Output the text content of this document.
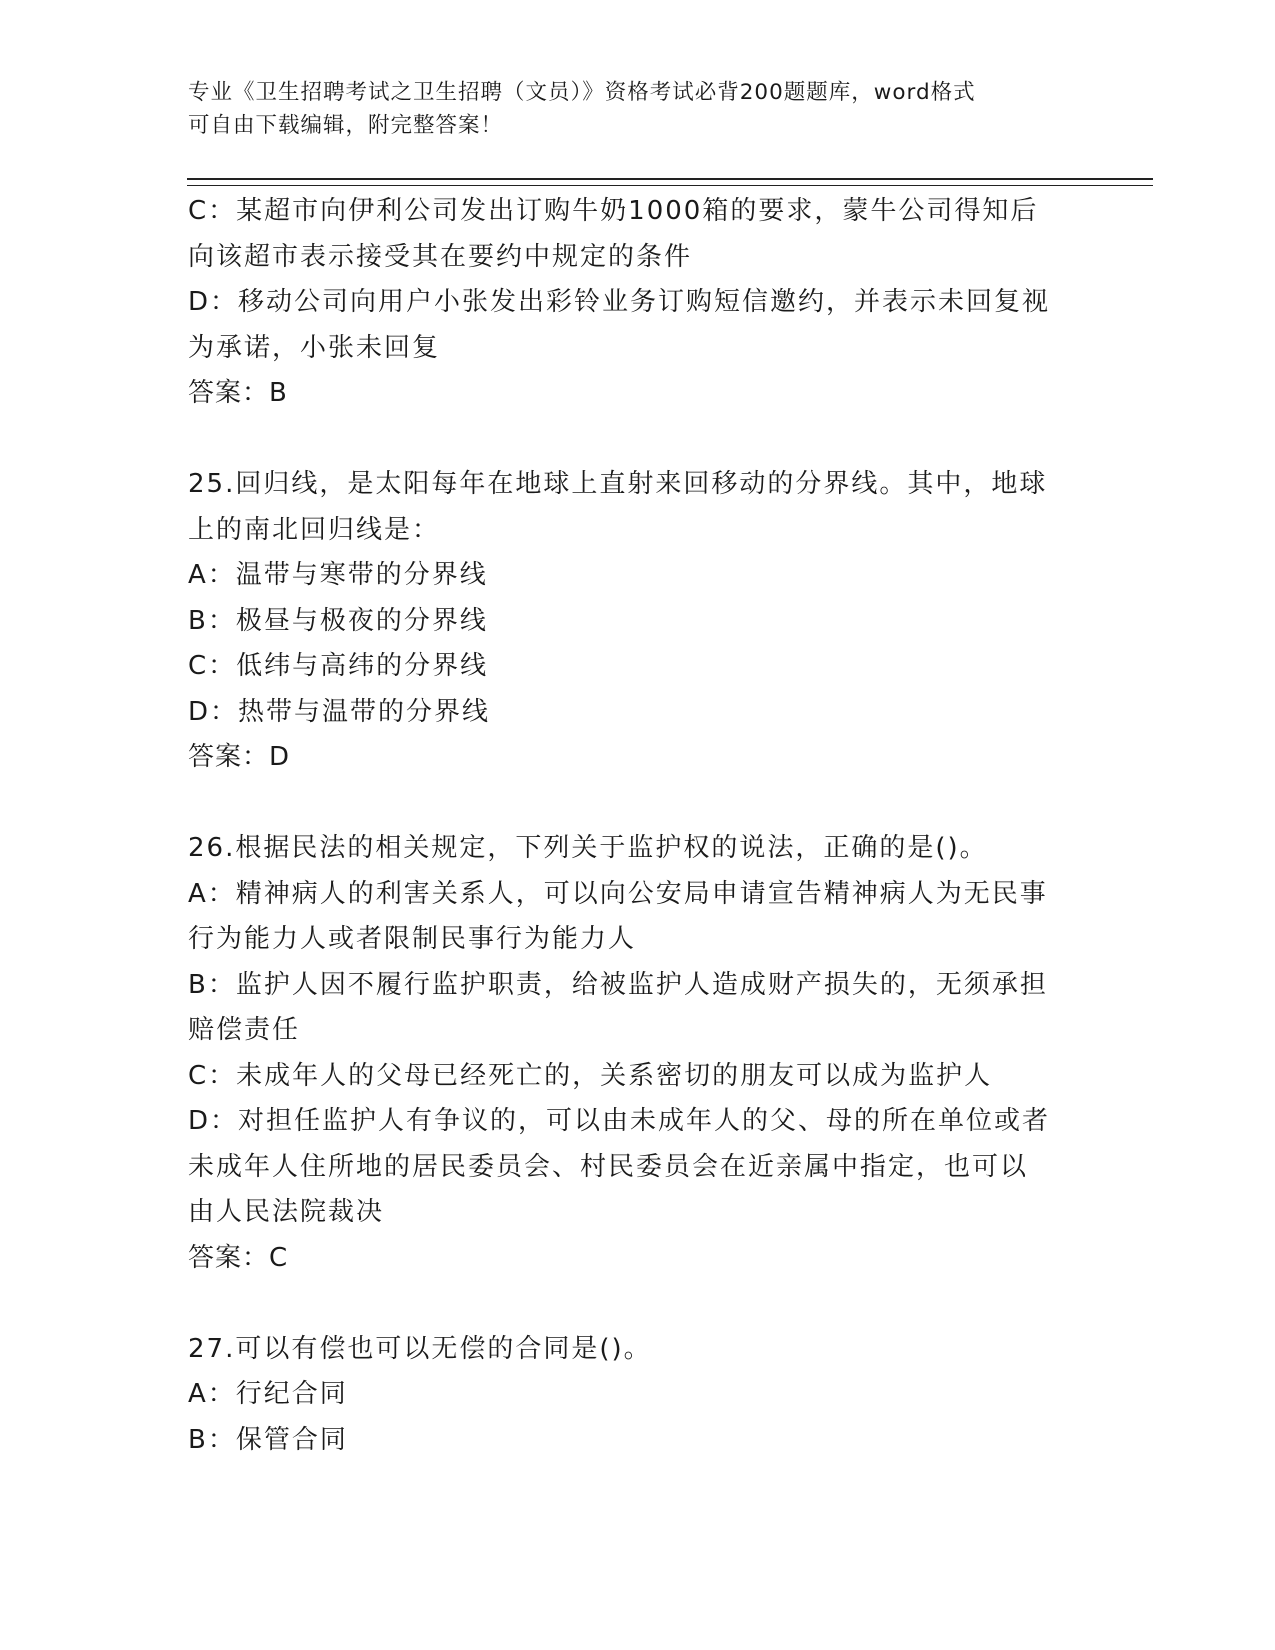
专业《卫生招聘考试之卫生招聘（文员）》资格考试必背200题题库，word格式
可自由下载编辑，附完整答案！
C：某超市向伊利公司发出订购牛奶1000箱的要求，蒙牛公司得知后
向该超市表示接受其在要约中规定的条件
D：移动公司向用户小张发出彩铃业务订购短信邀约，并表示未回复视
为承诺，小张未回复
答案：B
25.回归线，是太阳每年在地球上直射来回移动的分界线。其中，地球
上的南北回归线是：
A：温带与寒带的分界线
B：极昼与极夜的分界线
C：低纬与高纬的分界线
D：热带与温带的分界线
答案：D
26.根据民法的相关规定，下列关于监护权的说法，正确的是()。
A：精神病人的利害关系人，可以向公安局申请宣告精神病人为无民事
行为能力人或者限制民事行为能力人
B：监护人因不履行监护职责，给被监护人造成财产损失的，无须承担
赔偿责任
C：未成年人的父母已经死亡的，关系密切的朋友可以成为监护人
D：对担任监护人有争议的，可以由未成年人的父、母的所在单位或者
未成年人住所地的居民委员会、村民委员会在近亲属中指定，也可以
由人民法院裁决
答案：C
27.可以有偿也可以无偿的合同是()。
A：行纪合同
B：保管合同
